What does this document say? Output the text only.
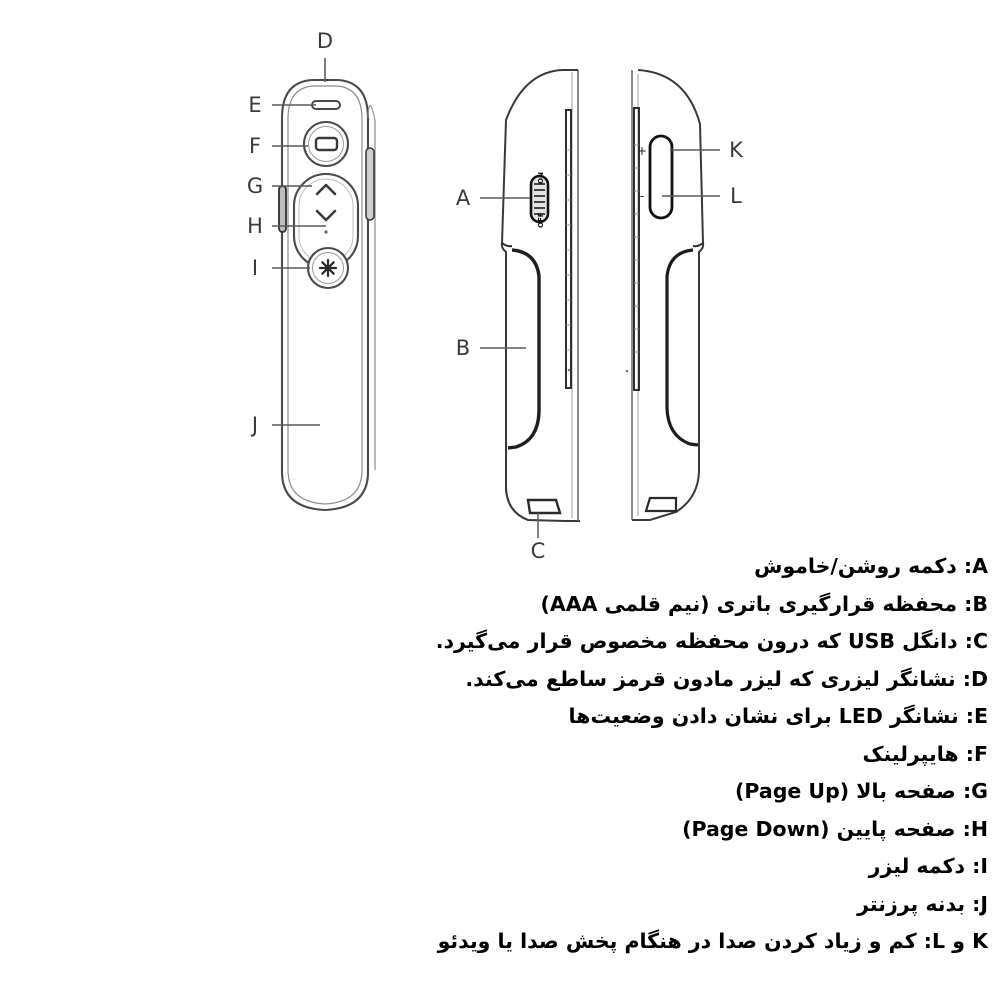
D
E
F
G
H
I
J
ON
OFF
A
B
C
+
-
K
L
A: دکمه روشن/خاموش
B: محفظه قرارگیری باتری (نیم قلمی AAA)
C: دانگل USB که درون محفظه مخصوص قرار می‌گیرد.
D: نشانگر لیزری که لیزر مادون قرمز ساطع می‌کند.
E: نشانگر LED برای نشان دادن وضعیت‌ها
F: هایپرلینک
G: صفحه بالا (Page Up)
H: صفحه پایین (Page Down)
I: دکمه لیزر
J: بدنه پرزنتر
K و L: کم و زیاد کردن صدا در هنگام پخش صدا یا ویدئو
